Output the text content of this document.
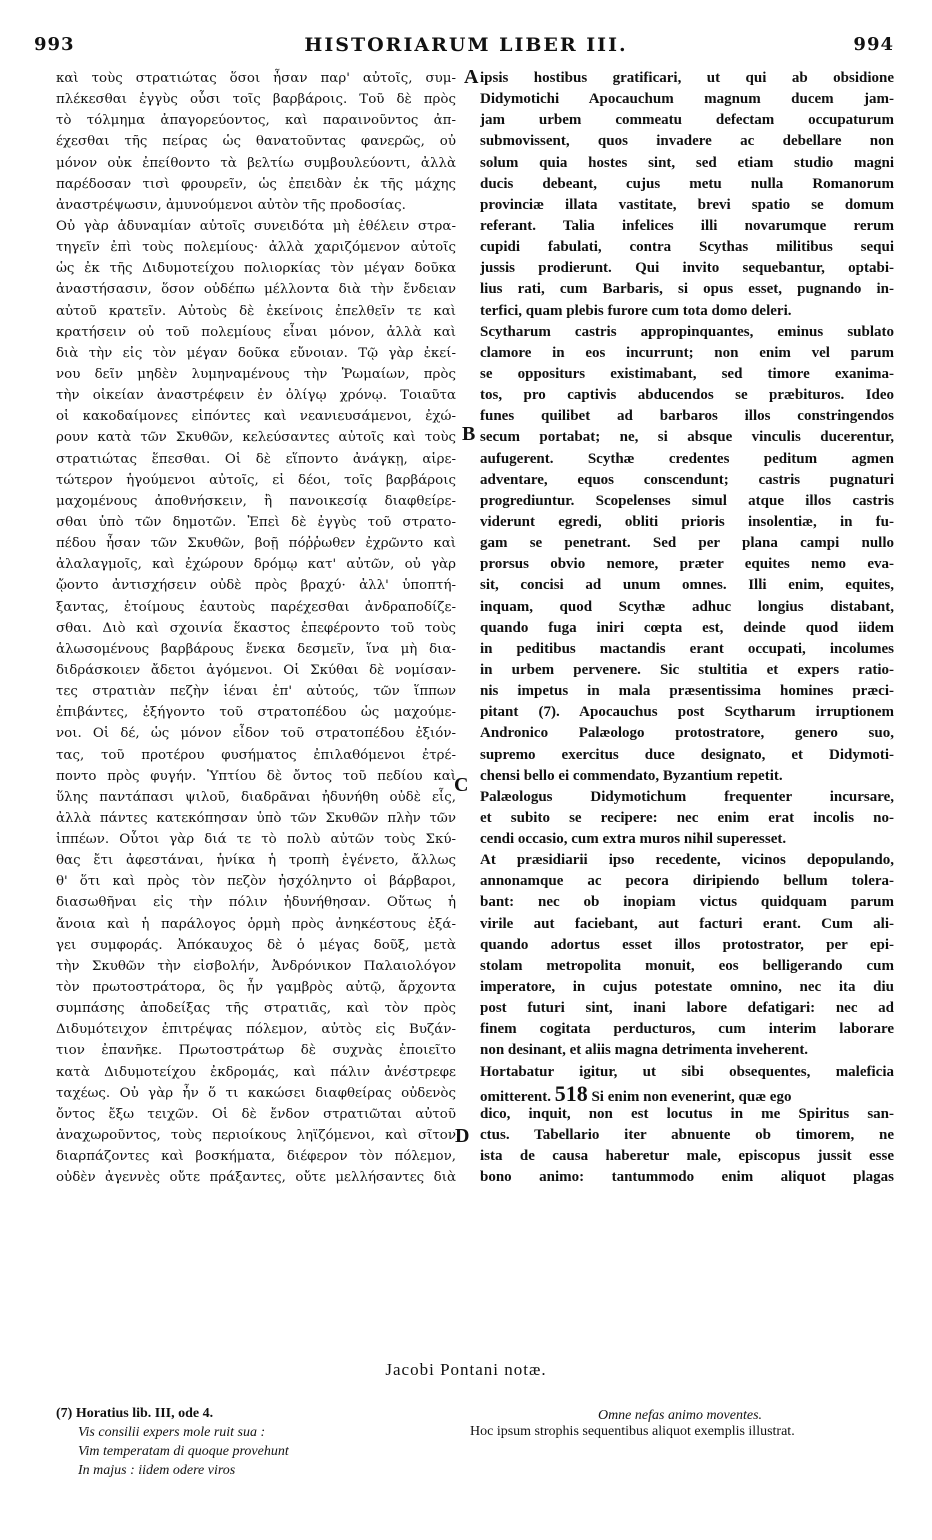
993	HISTORIARUM LIBER III.	994
A
B
C
D
καὶ τοὺς στρατιώτας ὅσοι ἦσαν παρ' αὐτοῖς, συμ-
πλέκεσθαι ἐγγὺς οὖσι τοῖς βαρβάροις. Τοῦ δὲ πρὸς
τὸ τόλμημα ἀπαγορεύοντος, καὶ παραινοῦντος ἀπ-
έχεσθαι τῆς πείρας ὡς θανατοῦντας φανερῶς, οὐ
μόνον οὐκ ἐπείθοντο τὰ βελτίω συμβουλεύοντι, ἀλλὰ
παρέδοσαν τισὶ φρουρεῖν, ὡς ἐπειδὰν ἐκ τῆς μάχης
ἀναστρέψωσιν, ἀμυνούμενοι αὐτὸν τῆς προδοσίας.
Οὐ γὰρ ἀδυναμίαν αὐτοῖς συνειδότα μὴ ἐθέλειν στρα-
τηγεῖν ἐπὶ τοὺς πολεμίους· ἀλλὰ χαριζόμενον αὐτοῖς
ὡς ἐκ τῆς Διδυμοτείχου πολιορκίας τὸν μέγαν δοῦκα
ἀναστήσασιν, ὅσον οὐδέπω μέλλοντα διὰ τὴν ἔνδειαν
αὐτοῦ κρατεῖν. Αὐτοὺς δὲ ἐκείνοις ἐπελθεῖν τε καὶ
κρατήσειν οὐ τοῦ πολεμίους εἶναι μόνον, ἀλλὰ καὶ
διὰ τὴν εἰς τὸν μέγαν δοῦκα εὔνοιαν. Τῷ γὰρ ἐκεί-
νου δεῖν μηδὲν λυμηναμένους τὴν Ῥωμαίων, πρὸς
τὴν οἰκείαν ἀναστρέφειν ἐν ὀλίγῳ χρόνῳ. Τοιαῦτα
οἱ κακοδαίμονες εἰπόντες καὶ νεανιευσάμενοι, ἐχώ-
ρουν κατὰ τῶν Σκυθῶν, κελεύσαντες αὐτοῖς καὶ τοὺς
στρατιώτας ἕπεσθαι. Οἱ δὲ εἵποντο ἀνάγκῃ, αἱρε-
τώτερον ἡγούμενοι αὐτοῖς, εἰ δέοι, τοῖς βαρβάροις
μαχομένους ἀποθνήσκειν, ἢ πανοικεσίᾳ διαφθείρε-
σθαι ὑπὸ τῶν δημοτῶν. Ἐπεὶ δὲ ἐγγὺς τοῦ στρατο-
πέδου ἦσαν τῶν Σκυθῶν, βοῇ πόῤῥωθεν ἐχρῶντο καὶ
ἀλαλαγμοῖς, καὶ ἐχώρουν δρόμῳ κατ' αὐτῶν, οὐ γὰρ
ᾤοντο ἀντισχήσειν οὐδὲ πρὸς βραχύ· ἀλλ' ὑποπτή-
ξαντας, ἑτοίμους ἑαυτοὺς παρέχεσθαι ἀνδραποδίζε-
σθαι. Διὸ καὶ σχοινία ἕκαστος ἐπεφέροντο τοῦ τοὺς
ἁλωσομένους βαρβάρους ἕνεκα δεσμεῖν, ἵνα μὴ δια-
διδράσκοιεν ἄδετοι ἀγόμενοι. Οἱ Σκύθαι δὲ νομίσαν-
τες στρατιὰν πεζὴν ἰέναι ἐπ' αὐτούς, τῶν ἵππων
ἐπιβάντες, ἐξήγοντο τοῦ στρατοπέδου ὡς μαχούμε-
νοι. Οἱ δέ, ὡς μόνον εἶδον τοῦ στρατοπέδου ἐξιόν-
τας, τοῦ προτέρου φυσήματος ἐπιλαθόμενοι ἐτρέ-
ποντο πρὸς φυγήν. Ὑπτίου δὲ ὄντος τοῦ πεδίου καὶ
ὕλης παντάπασι ψιλοῦ, διαδρᾶναι ἠδυνήθη οὐδὲ εἷς,
ἀλλὰ πάντες κατεκόπησαν ὑπὸ τῶν Σκυθῶν πλὴν τῶν
ἱππέων. Οὗτοι γὰρ διά τε τὸ πολὺ αὐτῶν τοὺς Σκύ-
θας ἔτι ἀφεστάναι, ἡνίκα ἡ τροπὴ ἐγένετο, ἄλλως
θ' ὅτι καὶ πρὸς τὸν πεζὸν ἠσχόληντο οἱ βάρβαροι,
διασωθῆναι εἰς τὴν πόλιν ἠδυνήθησαν. Οὕτως ἡ
ἄνοια καὶ ἡ παράλογος ὁρμὴ πρὸς ἀνηκέστους ἐξά-
γει συμφοράς. Ἀπόκαυχος δὲ ὁ μέγας δοῦξ, μετὰ
τὴν Σκυθῶν τὴν εἰσβολήν, Ἀνδρόνικον Παλαιολόγον
τὸν πρωτοστράτορα, ὃς ἦν γαμβρὸς αὐτῷ, ἄρχοντα
συμπάσης ἀποδείξας τῆς στρατιᾶς, καὶ τὸν πρὸς
Διδυμότειχον ἐπιτρέψας πόλεμον, αὐτὸς εἰς Βυζάν-
τιον ἐπανῆκε. Πρωτοστράτωρ δὲ συχνὰς ἐποιεῖτο
κατὰ Διδυμοτείχου ἐκδρομάς, καὶ πάλιν ἀνέστρεφε
ταχέως. Οὐ γὰρ ἦν ὅ τι κακώσει διαφθείρας οὐδενὸς
ὄντος ἔξω τειχῶν. Οἱ δὲ ἔνδον στρατιῶται αὐτοῦ
ἀναχωροῦντος, τοὺς περιοίκους ληϊζόμενοι, καὶ σῖτον
διαρπάζοντες καὶ βοσκήματα, διέφερον τὸν πόλεμον,
οὐδὲν ἀγεννὲς οὔτε πράξαντες, οὔτε μελλήσαντες διὰ
ipsis hostibus gratificari, ut qui ab obsidione
Didymotichi Apocauchum magnum ducem jam-
jam urbem commeatu defectam occupaturum
submovissent, quos invadere ac debellare non
solum quia hostes sint, sed etiam studio magni
ducis debeant, cujus metu nulla Romanorum
provinciæ illata vastitate, brevi spatio se domum
referant. Talia infelices illi novarumque rerum
cupidi fabulati, contra Scythas militibus sequi
jussis prodierunt. Qui invito sequebantur, optabi-
lius rati, cum Barbaris, si opus esset, pugnando in-
terfici, quam plebis furore cum tota domo deleri.
Scytharum castris appropinquantes, eminus sublato
clamore in eos incurrunt; non enim vel parum
se oppositurs existimabant, sed timore exanima-
tos, pro captivis abducendos se præbituros. Ideo
funes quilibet ad barbaros illos constringendos
secum portabat; ne, si absque vinculis ducerentur,
aufugerent. Scythæ credentes peditum agmen
adventare, equos conscendunt; castris pugnaturi
progrediuntur. Scopelenses simul atque illos castris
viderunt egredi, obliti prioris insolentiæ, in fu-
gam se penetrant. Sed per plana campi nullo
prorsus obvio nemore, præter equites nemo eva-
sit, concisi ad unum omnes. Illi enim, equites,
inquam, quod Scythæ adhuc longius distabant,
quando fuga iniri cœpta est, deinde quod iidem
in peditibus mactandis erant occupati, incolumes
in urbem pervenere. Sic stultitia et expers ratio-
nis impetus in mala præsentissima homines præci-
pitant (7). Apocauchus post Scytharum irruptionem
Andronico Palæologo protostratore, genero suo,
supremo exercitus duce designato, et Didymoti-
chensi bello ei commendato, Byzantium repetit.
Palæologus Didymotichum frequenter incursare,
et subito se recipere: nec enim erat incolis no-
cendi occasio, cum extra muros nihil superesset.
At præsidiarii ipso recedente, vicinos depopulando,
annonamque ac pecora diripiendo bellum tolera-
bant: nec ob inopiam victus quidquam parum
virile aut faciebant, aut facturi erant. Cum ali-
quando adortus esset illos protostrator, per epi-
stolam metropolita monuit, eos belligerando cum
imperatore, in cujus potestate omnino, nec ita diu
post futuri sint, inani labore defatigari: nec ad
finem cogitata perducturos, cum interim laborare
non desinant, et aliis magna detrimenta inveherent.
Hortabatur igitur, ut sibi obsequentes, maleficia
omitterent. 518 Si enim non evenerint, quæ ego
dico, inquit, non est locutus in me Spiritus san-
ctus. Tabellario iter abnuente ob timorem, ne
ista de causa haberetur male, episcopus jussit esse
bono animo: tantummodo enim aliquot plagas
Jacobi Pontani notæ.
(7) Horatius lib. III, ode 4.
Vis consilii expers mole ruit sua :
Vim temperatam di quoque provehunt
In majus : iidem odere viros
Omne nefas animo moventes.
Hoc ipsum strophis sequentibus aliquot exemplis illustrat.
